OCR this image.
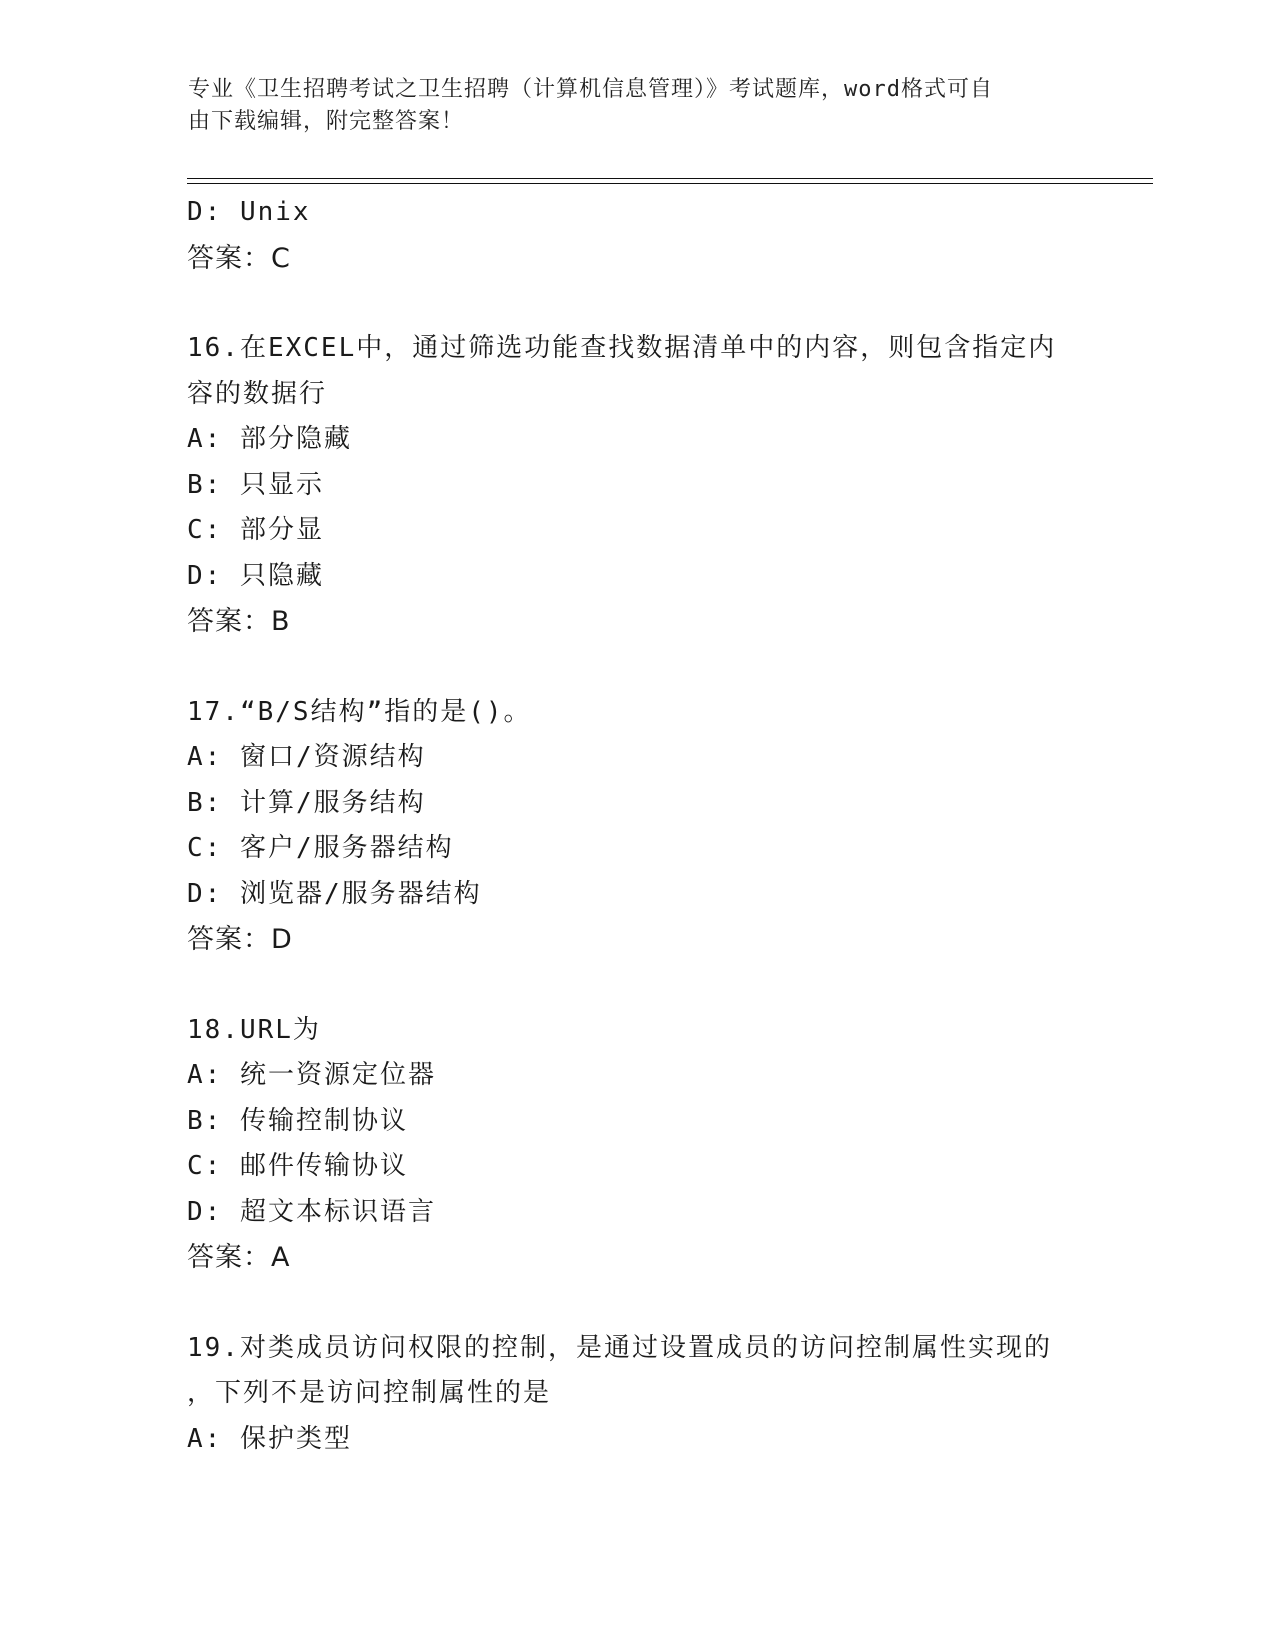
专业《卫生招聘考试之卫生招聘（计算机信息管理）》考试题库，word格式可自
由下载编辑，附完整答案！
D: Unix
答案：C
16.在EXCEL中，通过筛选功能查找数据清单中的内容，则包含指定内
容的数据行
A: 部分隐藏
B: 只显示
C: 部分显
D: 只隐藏
答案：B
17.“B/S结构”指的是()。
A: 窗口/资源结构
B: 计算/服务结构
C: 客户/服务器结构
D: 浏览器/服务器结构
答案：D
18.URL为
A: 统一资源定位器
B: 传输控制协议
C: 邮件传输协议
D: 超文本标识语言
答案：A
19.对类成员访问权限的控制，是通过设置成员的访问控制属性实现的
，下列不是访问控制属性的是
A: 保护类型
